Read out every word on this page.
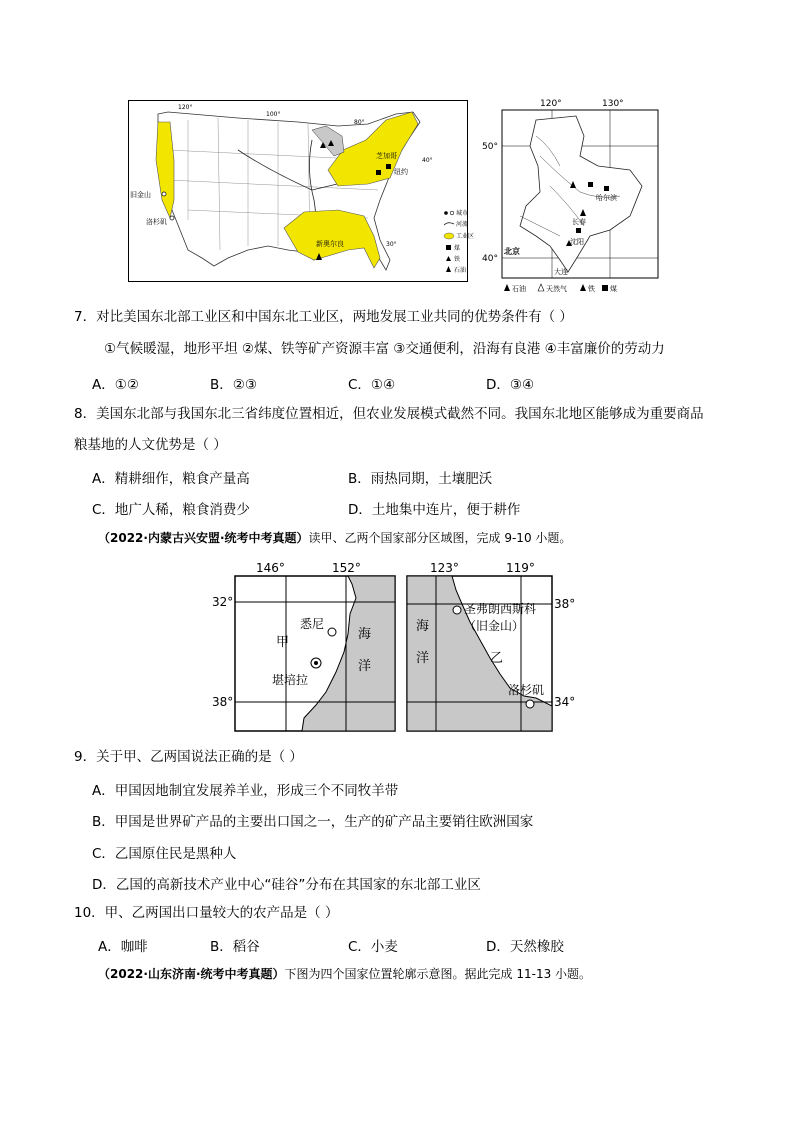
120°
100°
80°
40°
30°
旧金山
洛杉矶
芝加哥
纽约
新奥尔良
城市
河流
工业区
煤
铁
石油
120°	130°
50°
40°
哈尔滨
长春
沈阳
北京
大连
石油	天然气	铁 煤
7．对比美国东北部工业区和中国东北工业区，两地发展工业共同的优势条件有（ ）
①气候暖湿，地形平坦 ②煤、铁等矿产资源丰富 ③交通便利，沿海有良港 ④丰富廉价的劳动力
A．①②	B．②③	C．①④	D．③④
8．美国东北部与我国东北三省纬度位置相近，但农业发展模式截然不同。我国东北地区能够成为重要商品
粮基地的人文优势是（ ）
A．精耕细作，粮食产量高	B．雨热同期，土壤肥沃
C．地广人稀，粮食消费少	D．土地集中连片，便于耕作
（2022·内蒙古兴安盟·统考中考真题）读甲、乙两个国家部分区域图，完成 9-10 小题。
146°	152°
32°
38°
甲
悉尼
堪培拉
海
洋
123°	119°
38°
34°
圣弗朗西斯科
（旧金山）
乙
洛杉矶
海
洋
9．关于甲、乙两国说法正确的是（ ）
A．甲国因地制宜发展养羊业，形成三个不同牧羊带
B．甲国是世界矿产品的主要出口国之一，生产的矿产品主要销往欧洲国家
C．乙国原住民是黑种人
D．乙国的高新技术产业中心“硅谷”分布在其国家的东北部工业区
10．甲、乙两国出口量较大的农产品是（ ）
A．咖啡	B．稻谷	C．小麦	D．天然橡胶
（2022·山东济南·统考中考真题）下图为四个国家位置轮廓示意图。据此完成 11-13 小题。
